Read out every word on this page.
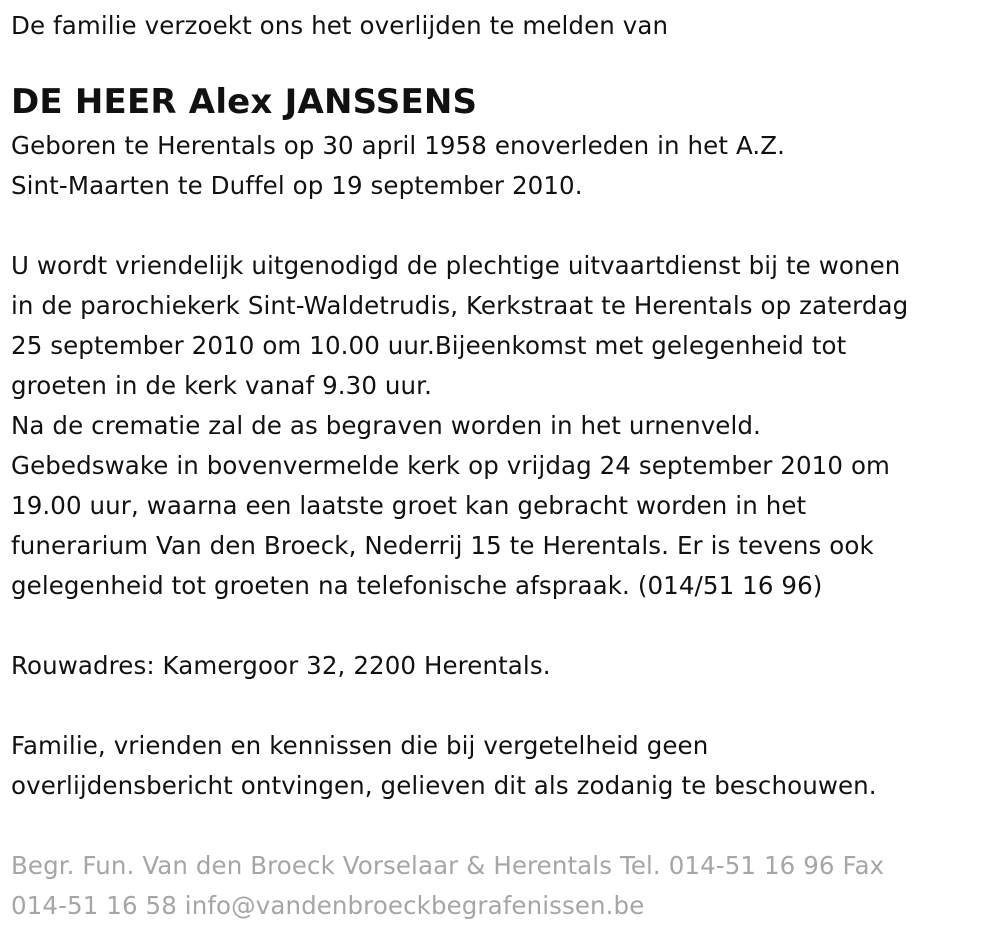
De familie verzoekt ons het overlijden te melden van
DE HEER Alex JANSSENS
Geboren te Herentals op 30 april 1958 enoverleden in het A.Z.
Sint-Maarten te Duffel op 19 september 2010.
U wordt vriendelijk uitgenodigd de plechtige uitvaartdienst bij te wonen
in de parochiekerk Sint-Waldetrudis, Kerkstraat te Herentals op zaterdag
25 september 2010 om 10.00 uur.Bijeenkomst met gelegenheid tot
groeten in de kerk vanaf 9.30 uur.
Na de crematie zal de as begraven worden in het urnenveld.
Gebedswake in bovenvermelde kerk op vrijdag 24 september 2010 om
19.00 uur, waarna een laatste groet kan gebracht worden in het
funerarium Van den Broeck, Nederrij 15 te Herentals. Er is tevens ook
gelegenheid tot groeten na telefonische afspraak. (014/51 16 96)
Rouwadres: Kamergoor 32, 2200 Herentals.
Familie, vrienden en kennissen die bij vergetelheid geen
overlijdensbericht ontvingen, gelieven dit als zodanig te beschouwen.
Begr. Fun. Van den Broeck Vorselaar & Herentals Tel. 014-51 16 96 Fax
014-51 16 58 info@vandenbroeckbegrafenissen.be
